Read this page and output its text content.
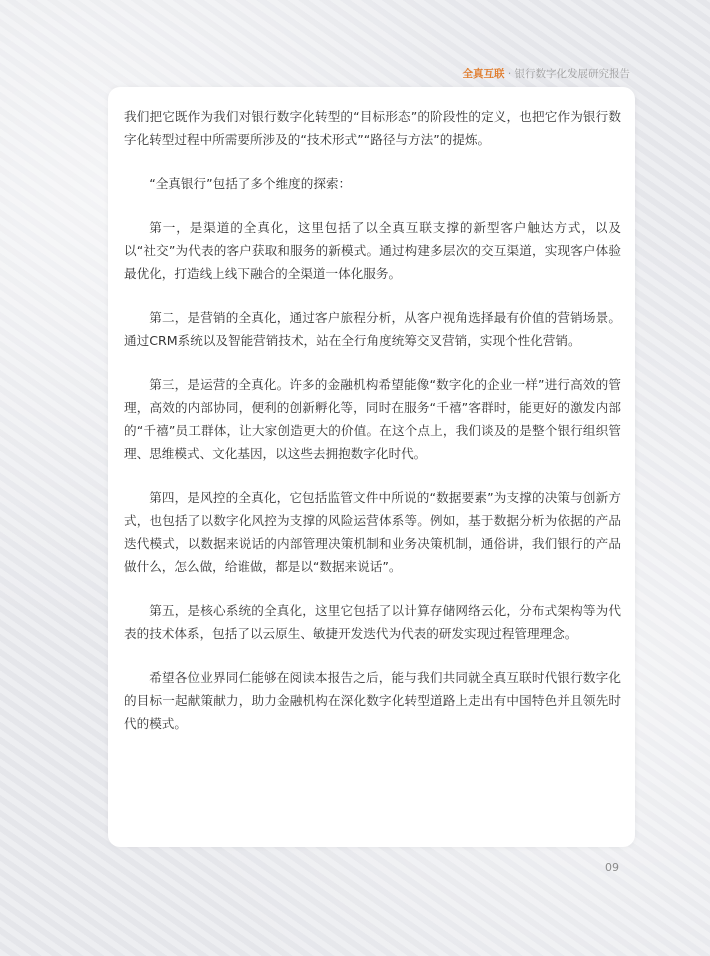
全真互联 · 银行数字化发展研究报告

我们把它既作为我们对银行数字化转型的“目标形态”的阶段性的定义，也把它作为银行数字化转型过程中所需要所涉及的“技术形式”“路径与方法”的提炼。

“全真银行”包括了多个维度的探索：

第一，是渠道的全真化，这里包括了以全真互联支撑的新型客户触达方式，以及以“社交”为代表的客户获取和服务的新模式。通过构建多层次的交互渠道，实现客户体验最优化，打造线上线下融合的全渠道一体化服务。

第二，是营销的全真化，通过客户旅程分析，从客户视角选择最有价值的营销场景。通过CRM系统以及智能营销技术，站在全行角度统筹交叉营销，实现个性化营销。

第三，是运营的全真化。许多的金融机构希望能像“数字化的企业一样”进行高效的管理，高效的内部协同，便利的创新孵化等，同时在服务“千禧”客群时，能更好的激发内部的“千禧”员工群体，让大家创造更大的价值。在这个点上，我们谈及的是整个银行组织管理、思维模式、文化基因，以这些去拥抱数字化时代。

第四，是风控的全真化，它包括监管文件中所说的“数据要素”为支撑的决策与创新方式，也包括了以数字化风控为支撑的风险运营体系等。例如，基于数据分析为依据的产品迭代模式，以数据来说话的内部管理决策机制和业务决策机制，通俗讲，我们银行的产品做什么，怎么做，给谁做，都是以“数据来说话”。

第五，是核心系统的全真化，这里它包括了以计算存储网络云化，分布式架构等为代表的技术体系，包括了以云原生、敏捷开发迭代为代表的研发实现过程管理理念。

希望各位业界同仁能够在阅读本报告之后，能与我们共同就全真互联时代银行数字化的目标一起献策献力，助力金融机构在深化数字化转型道路上走出有中国特色并且领先时代的模式。

09
